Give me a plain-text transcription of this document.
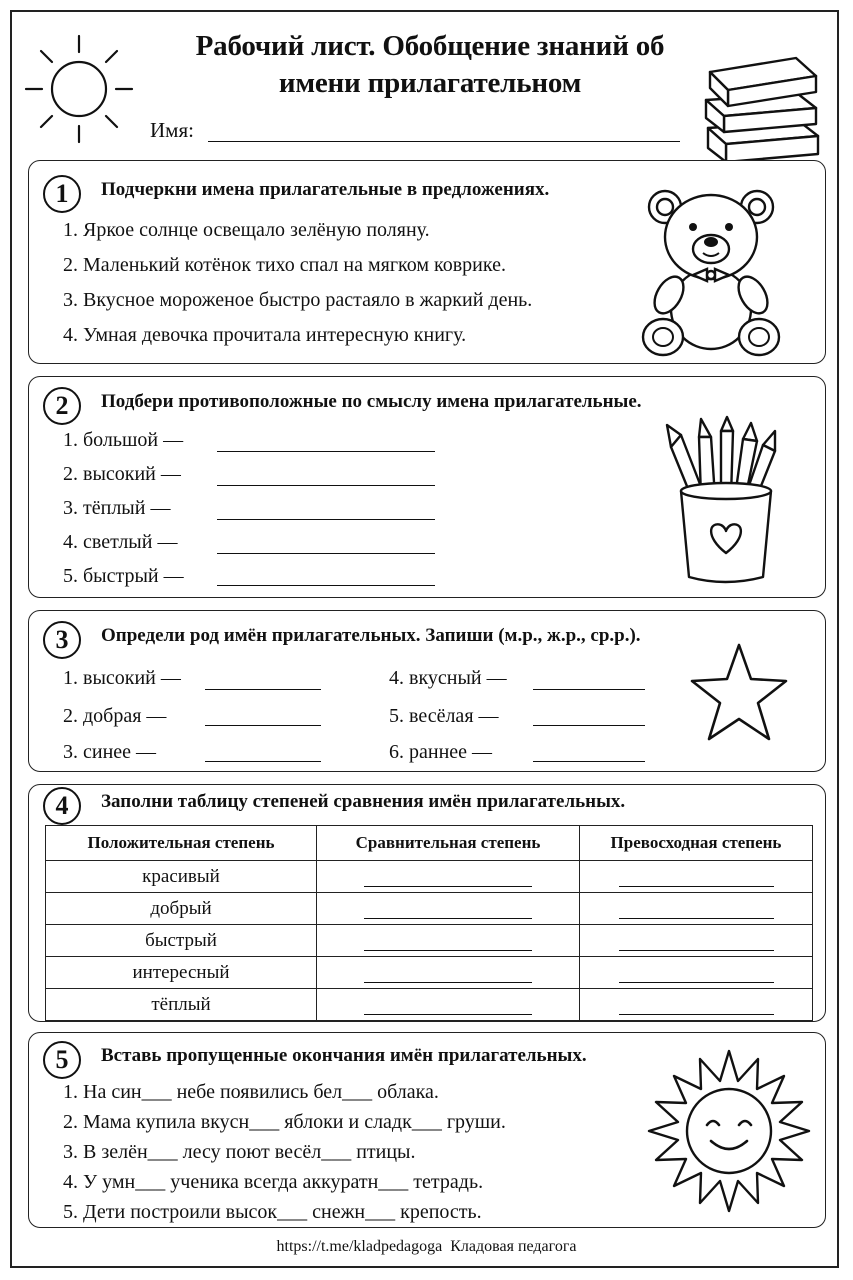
Рабочий лист. Обобщение знаний об
имени прилагательном
Имя:
1	Подчеркни имена прилагательные в предложениях.
1. Яркое солнце освещало зелёную поляну.
2. Маленький котёнок тихо спал на мягком коврике.
3. Вкусное мороженое быстро растаяло в жаркий день.
4. Умная девочка прочитала интересную книгу.
2	Подбери противоположные по смыслу имена прилагательные.
1. большой —
2. высокий —
3. тёплый —
4. светлый —
5. быстрый —
3	Определи род имён прилагательных. Запиши (м.р., ж.р., ср.р.).
1. высокий —
2. добрая —
3. синее —
4. вкусный —
5. весёлая —
6. раннее —
4	Заполни таблицу степеней сравнения имён прилагательных.
Положительная степень	Сравнительная степень	Превосходная степень
красивый		
добрый		
быстрый		
интересный		
тёплый		
5	Вставь пропущенные окончания имён прилагательных.
1. На син___ небе появились бел___ облака.
2. Мама купила вкусн___ яблоки и сладк___ груши.
3. В зелён___ лесу поют весёл___ птицы.
4. У умн___ ученика всегда аккуратн___ тетрадь.
5. Дети построили высок___ снежн___ крепость.
https://t.me/kladpedagoga Кладовая педагога
